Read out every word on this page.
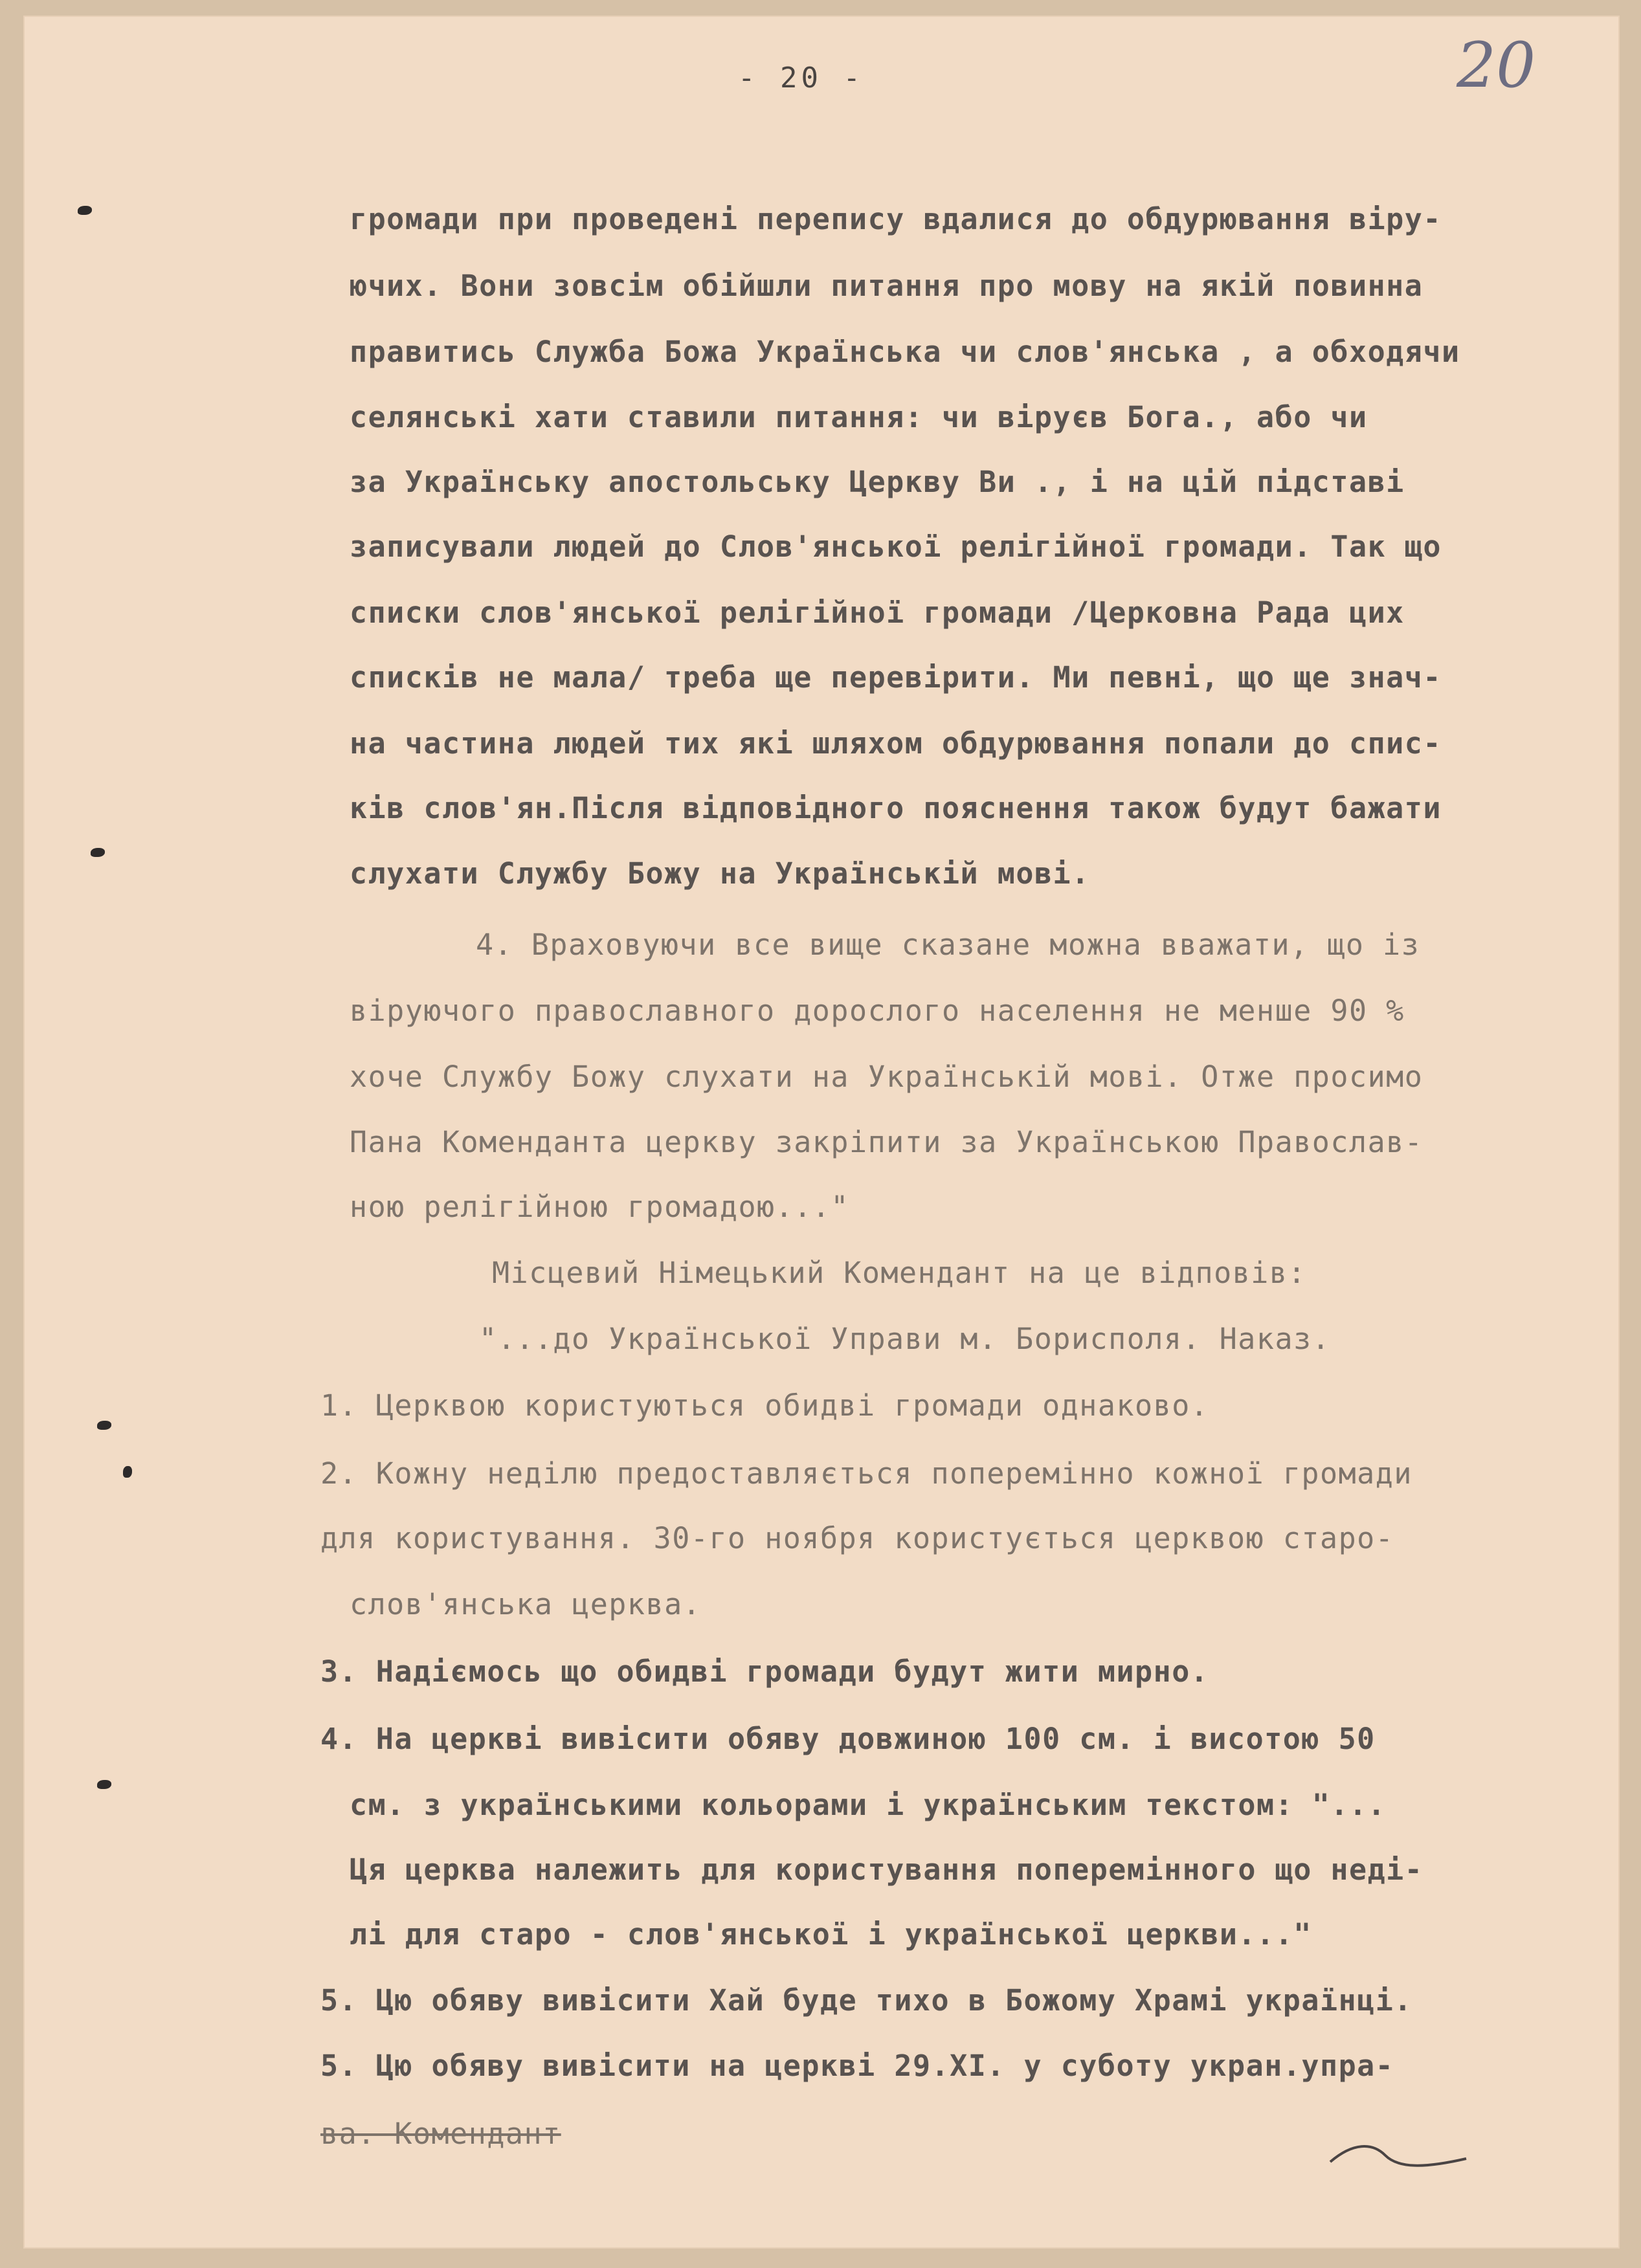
- 20 -	20
громади при проведені перепису вдалися до обдурювання віру-
ючих. Вони зовсім обійшли питання про мову на якій повинна
правитись Служба Божа Українська чи слов'янська , а обходячи
селянські хати ставили питання: чи віруєв Бога., або чи
за Українську апостольську Церкву Ви ., і на цій підставі
записували людей до Слов'янської релігійної громади. Так що
списки слов'янської релігійної громади /Церковна Рада цих
списків не мала/ треба ще перевірити. Ми певні, що ще знач-
на частина людей тих які шляхом обдурювання попали до спис-
ків слов'ян.Після відповідного пояснення також будут бажати
слухати Службу Божу на Українській мові.
4. Враховуючи все вище сказане можна вважати, що із
віруючого православного дорослого населення не менше 90 %
хоче Службу Божу слухати на Українській мові. Отже просимо
Пана Коменданта церкву закріпити за Українською Православ-
ною релігійною громадою..."
Місцевий Німецький Комендант на це відповів:
"...до Української Управи м. Борисполя. Наказ.
1. Церквою користуються обидві громади однаково.
2. Кожну неділю предоставляється поперемінно кожної громади
для користування. 30-го ноября користується церквою старо-
слов'янська церква.
3. Надіємось що обидві громади будут жити мирно.
4. На церкві вивісити обяву довжиною 100 см. і висотою 50
см. з українськими кольорами і українським текстом: "...
Ця церква належить для користування поперемінного що неді-
лі для старо - слов'янської і української церкви..."
5. Цю обяву вивісити Хай буде тихо в Божому Храмі українці.
5. Цю обяву вивісити на церкві 29.XI. у суботу укран.упра-
ва. Комендант
